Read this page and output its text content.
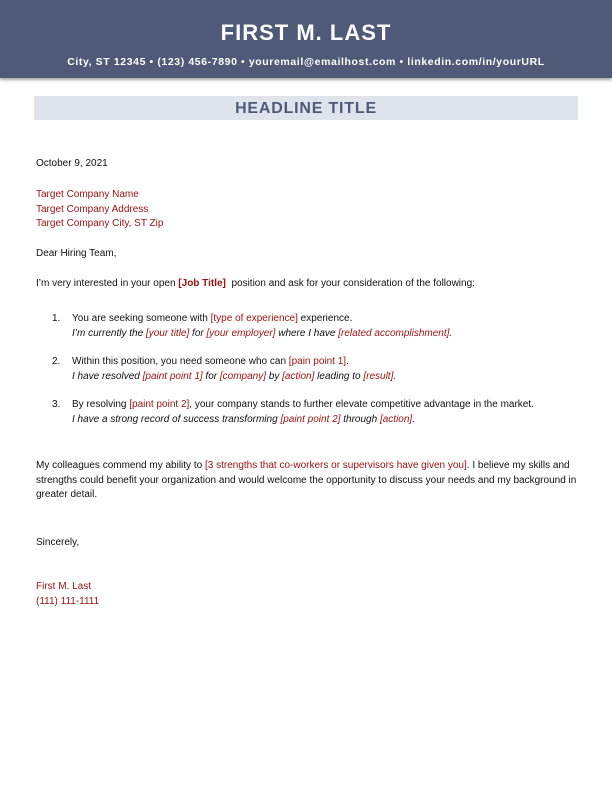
FIRST M. LAST
City, ST 12345 • (123) 456-7890 • youremail@emailhost.com • linkedin.com/in/yourURL
HEADLINE TITLE
October 9, 2021
Target Company Name
Target Company Address
Target Company City, ST Zip
Dear Hiring Team,
I’m very interested in your open [Job Title]  position and ask for your consideration of the following:
1. You are seeking someone with [type of experience] experience.
I’m currently the [your title] for [your employer] where I have [related accomplishment].
2. Within this position, you need someone who can [pain point 1].
I have resolved [paint point 1] for [company] by [action] leading to [result].
3. By resolving [paint point 2], your company stands to further elevate competitive advantage in the market.
I have a strong record of success transforming [paint point 2] through [action].
My colleagues commend my ability to [3 strengths that co-workers or supervisors have given you]. I believe my skills and strengths could benefit your organization and would welcome the opportunity to discuss your needs and my background in greater detail.
Sincerely,
First M. Last
(111) 111-1111
